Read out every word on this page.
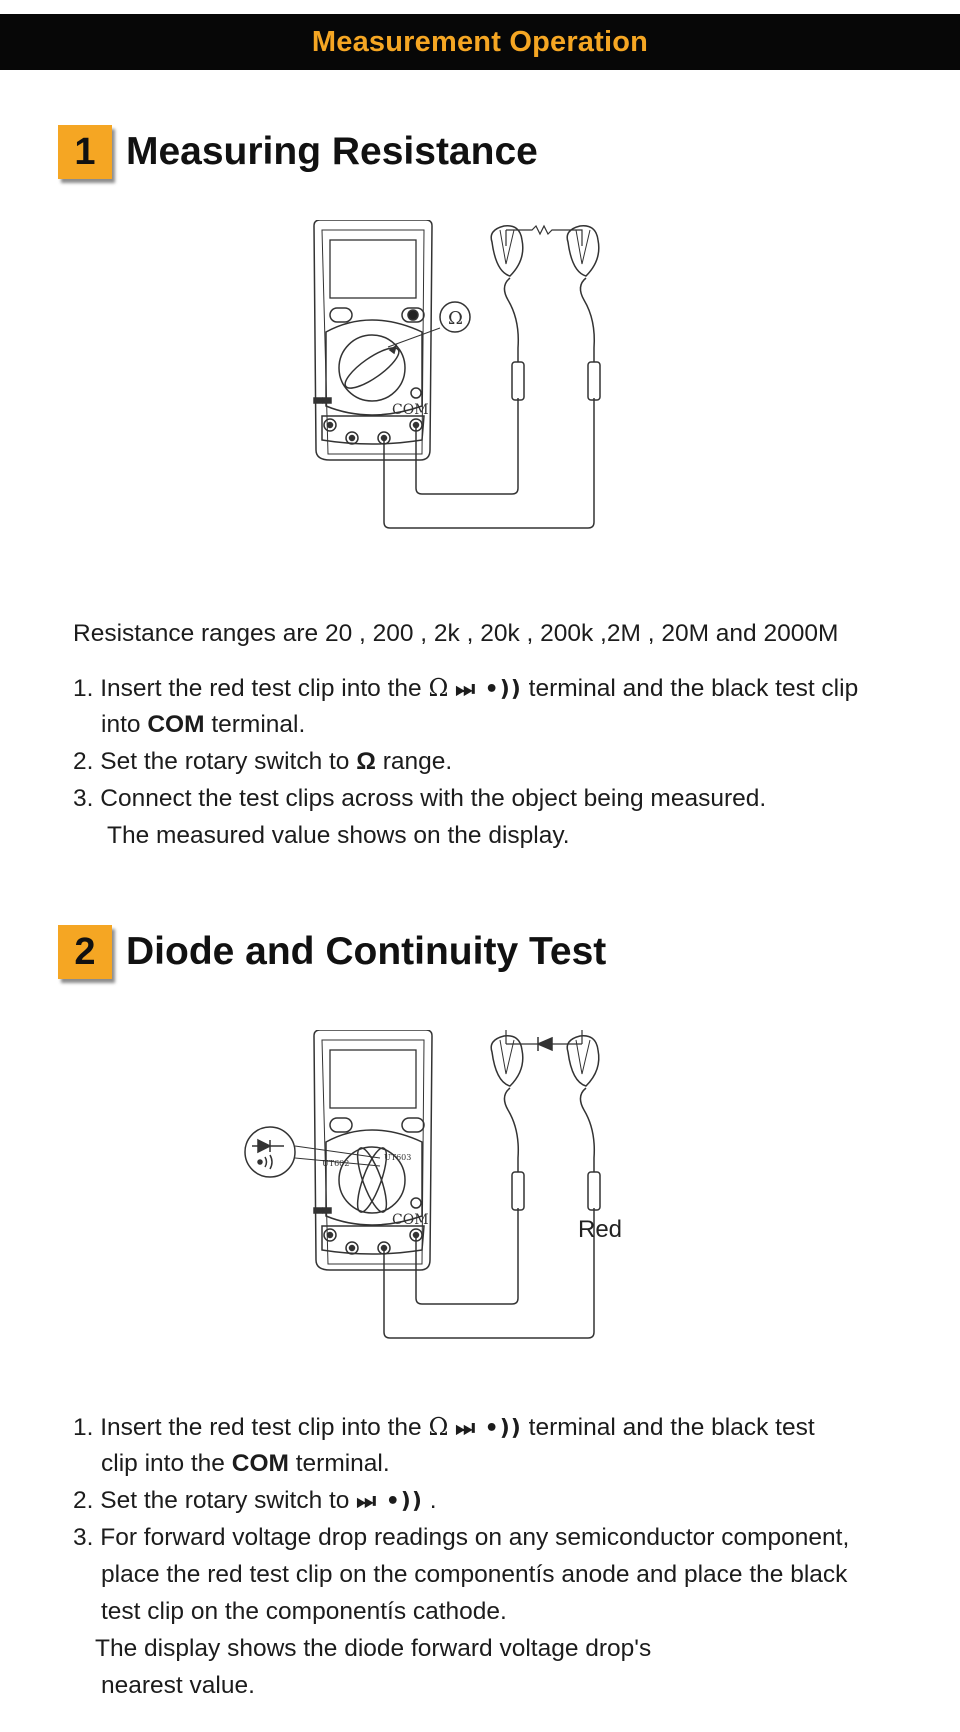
Measurement Operation
1 Measuring Resistance
Ω
COM
Resistance ranges are 20 , 200 , 2k , 20k , 200k ,2M , 20M and 2000M
1. Insert the red test clip into the Ω ⏭ •)) terminal and the black test clip
into COM terminal.
2. Set the rotary switch to Ω range.
3. Connect the test clips across with the object being measured.
The measured value shows on the display.
2 Diode and Continuity Test
UT603
UT602
COM	Red
1. Insert the red test clip into the Ω ⏭ •)) terminal and the black test
clip into the COM terminal.
2. Set the rotary switch to ⏭ •)) .
3. For forward voltage drop readings on any semiconductor component,
place the red test clip on the componentís anode and place the black
test clip on the componentís cathode.
The display shows the diode forward voltage drop's
nearest value.
